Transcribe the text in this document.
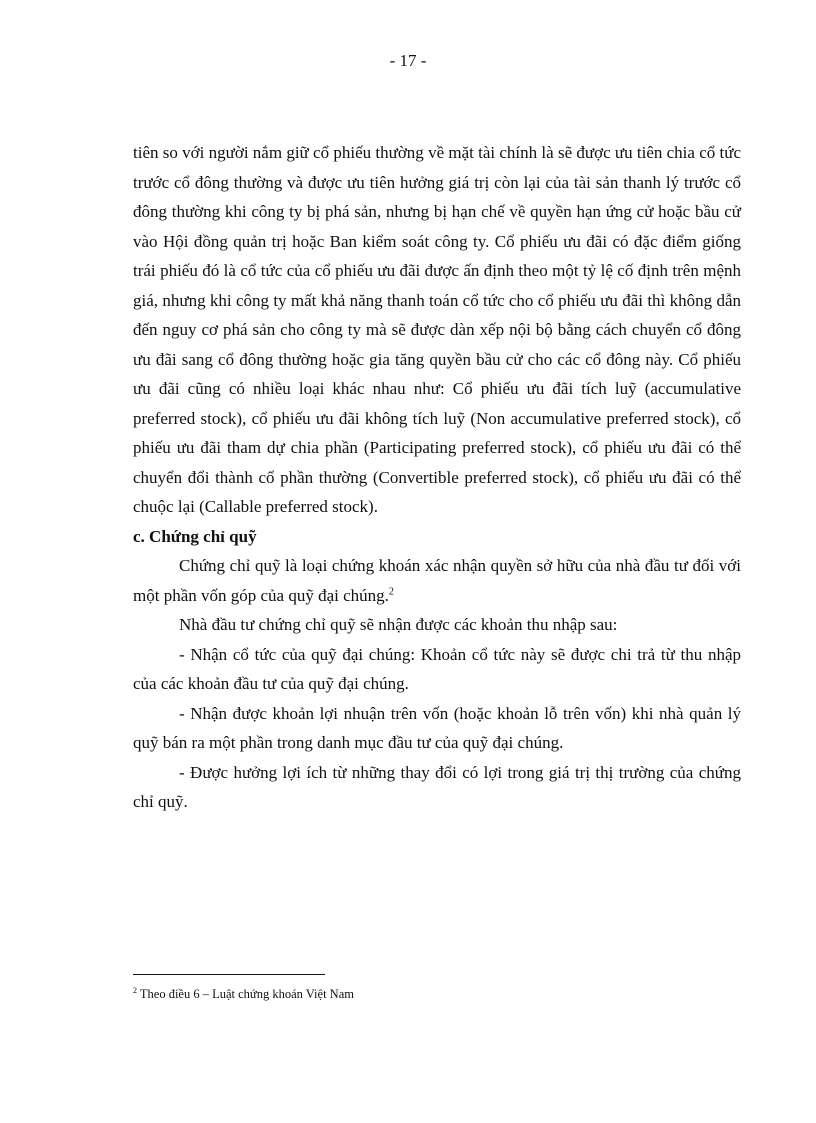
- 17 -

tiên so với người nắm giữ cổ phiếu thường về mặt tài chính là sẽ được ưu tiên chia cổ tức trước cổ đông thường và được ưu tiên hưởng giá trị còn lại của tài sản thanh lý trước cổ đông thường khi công ty bị phá sản, nhưng bị hạn chế về quyền hạn ứng cử hoặc bầu cử vào Hội đồng quản trị hoặc Ban kiểm soát công ty. Cổ phiếu ưu đãi có đặc điểm giống trái phiếu đó là cổ tức của cổ phiếu ưu đãi được ấn định theo một tỷ lệ cố định trên mệnh giá, nhưng khi công ty mất khả năng thanh toán cổ tức cho cổ phiếu ưu đãi thì không dẫn đến nguy cơ phá sản cho công ty mà sẽ được dàn xếp nội bộ bằng cách chuyển cổ đông ưu đãi sang cổ đông thường hoặc gia tăng quyền bầu cử cho các cổ đông này. Cổ phiếu ưu đãi cũng có nhiều loại khác nhau như: Cổ phiếu ưu đãi tích luỹ (accumulative preferred stock), cổ phiếu ưu đãi không tích luỹ (Non accumulative preferred stock), cổ phiếu ưu đãi tham dự chia phần (Participating preferred stock), cổ phiếu ưu đãi có thể chuyển đổi thành cổ phần thường (Convertible preferred stock), cổ phiếu ưu đãi có thể chuộc lại (Callable preferred stock).

c. Chứng chỉ quỹ

Chứng chỉ quỹ là loại chứng khoán xác nhận quyền sở hữu của nhà đầu tư đối với một phần vốn góp của quỹ đại chúng.$^2$

Nhà đầu tư chứng chỉ quỹ sẽ nhận được các khoản thu nhập sau:

- Nhận cổ tức của quỹ đại chúng: Khoản cổ tức này sẽ được chi trả từ thu nhập của các khoản đầu tư của quỹ đại chúng.

- Nhận được khoản lợi nhuận trên vốn (hoặc khoản lỗ trên vốn) khi nhà quản lý quỹ bán ra một phần trong danh mục đầu tư của quỹ đại chúng.

- Được hưởng lợi ích từ những thay đổi có lợi trong giá trị thị trường của chứng chỉ quỹ.

$^2$ Theo điều 6 – Luật chứng khoán Việt Nam
